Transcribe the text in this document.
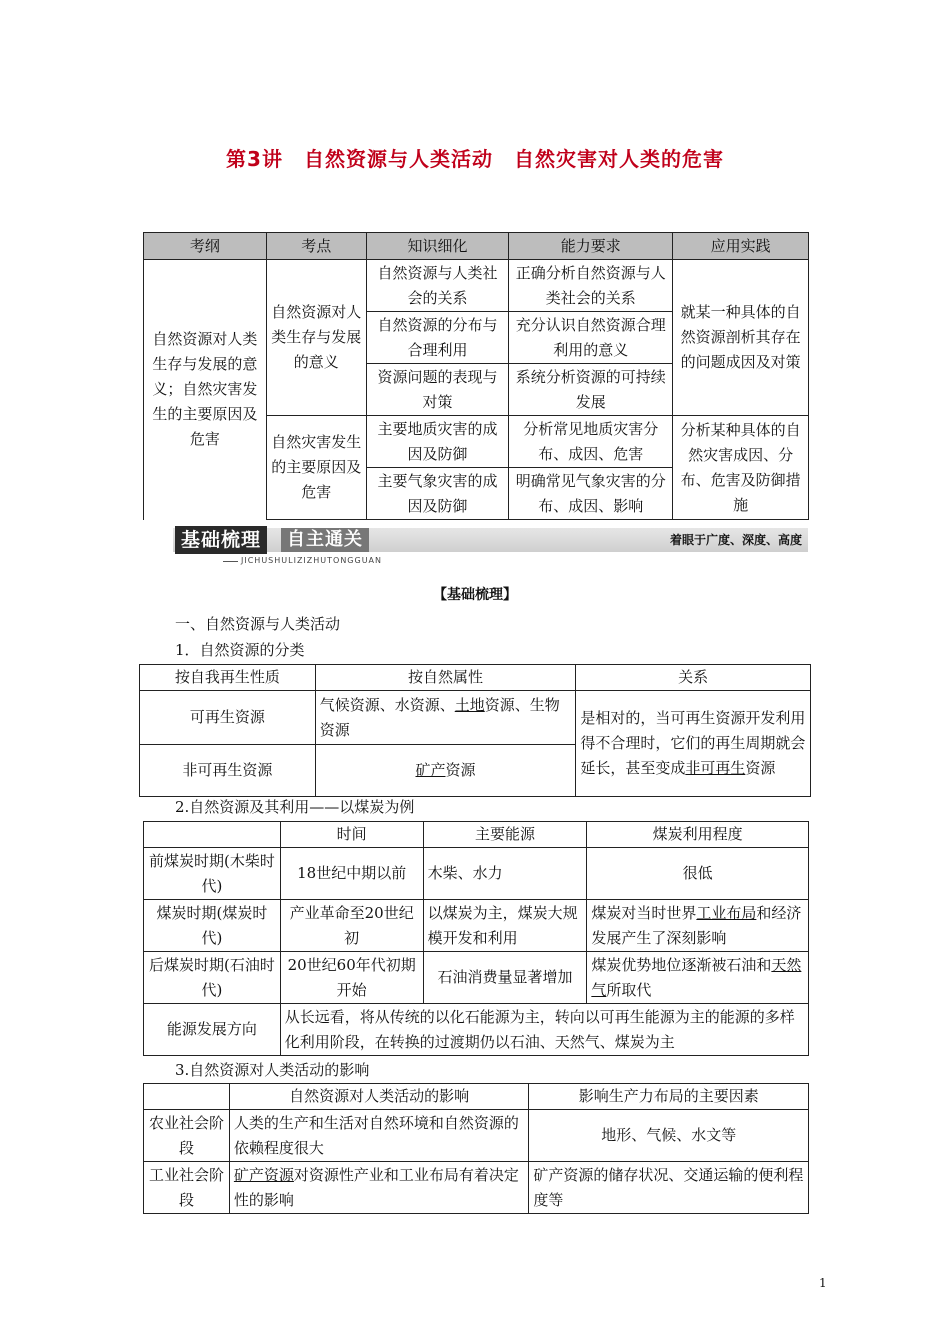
第3讲　自然资源与人类活动　自然灾害对人类的危害
考纲	考点	知识细化	能力要求	应用实践
自然资源对人类生存与发展的意义；自然灾害发生的主要原因及危害	自然资源对人类生存与发展的意义	自然资源与人类社会的关系	正确分析自然资源与人类社会的关系	就某一种具体的自然资源剖析其存在的问题成因及对策
		自然资源的分布与合理利用	充分认识自然资源合理利用的意义	
		资源问题的表现与对策	系统分析资源的可持续发展	
	自然灾害发生的主要原因及危害	主要地质灾害的成因及防御	分析常见地质灾害分布、成因、危害	分析某种具体的自然灾害成因、分布、危害及防御措施
		主要气象灾害的成因及防御	明确常见气象灾害的分布、成因、影响	
基础梳理	自主通关
JICHUSHULIZIZHUTONGGUAN
着眼于广度、深度、高度
【基础梳理】
一、自然资源与人类活动
1．自然资源的分类
按自我再生性质	按自然属性	关系
可再生资源	气候资源、水资源、土地资源、生物资源	是相对的，当可再生资源开发利用得不合理时，它们的再生周期就会延长，甚至变成非可再生资源
非可再生资源	矿产资源	
2.自然资源及其利用——以煤炭为例
	时间	主要能源	煤炭利用程度
前煤炭时期(木柴时代)	18世纪中期以前	木柴、水力	很低
煤炭时期(煤炭时代)	产业革命至20世纪初	以煤炭为主，煤炭大规模开发和利用	煤炭对当时世界工业布局和经济发展产生了深刻影响
后煤炭时期(石油时代)	20世纪60年代初期开始	石油消费量显著增加	煤炭优势地位逐渐被石油和天然气所取代
能源发展方向	从长远看，将从传统的以化石能源为主，转向以可再生能源为主的能源的多样化利用阶段，在转换的过渡期仍以石油、天然气、煤炭为主		
3.自然资源对人类活动的影响
	自然资源对人类活动的影响	影响生产力布局的主要因素
农业社会阶段	人类的生产和生活对自然环境和自然资源的依赖程度很大	地形、气候、水文等
工业社会阶段	矿产资源对资源性产业和工业布局有着决定性的影响	矿产资源的储存状况、交通运输的便利程度等
1
